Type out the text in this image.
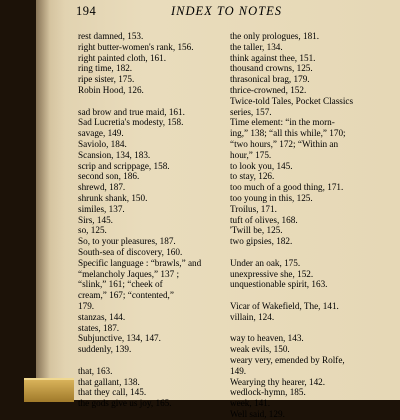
194	INDEX TO NOTES
rest damned, 153.
right butter-women's rank, 156.
right painted cloth, 161.
ring time, 182.
ripe sister, 175.
Robin Hood, 126.
sad brow and true maid, 161.
Sad Lucretia's modesty, 158.
savage, 149.
Saviolo, 184.
Scansion, 134, 183.
scrip and scrippage, 158.
second son, 186.
shrewd, 187.
shrunk shank, 150.
similes, 137.
Sirs, 145.
so, 125.
So, to your pleasures, 187.
South-sea of discovery, 160.
Specific language : “brawls,” and
“melancholy Jaques,” 137 ;
“slink,” 161; “cheek of
cream,” 167; “contented,”
179.
stanzas, 144.
states, 187.
Subjunctive, 134, 147.
suddenly, 139.
that, 163.
that gallant, 138.
that they call, 145.
the gods give us joy, 165.
the only prologues, 181.
the taller, 134.
think against thee, 151.
thousand crowns, 125.
thrasonical brag, 179.
thrice-crowned, 152.
Twice-told Tales, Pocket Classics
series, 157.
Time element: “in the morn-
ing,” 138; “all this while,” 170;
“two hours,” 172; “Within an
hour,” 175.
to look you, 145.
to stay, 126.
too much of a good thing, 171.
too young in this, 125.
Troilus, 171.
tuft of olives, 168.
'Twill be, 125.
two gipsies, 182.
Under an oak, 175.
unexpressive she, 152.
unquestionable spirit, 163.
Vicar of Wakefield, The, 141.
villain, 124.
way to heaven, 143.
weak evils, 150.
weary very, emended by Rolfe,
149.
Wearying thy hearer, 142.
wedlock-hymn, 185.
week, 141.
Well said, 129.
